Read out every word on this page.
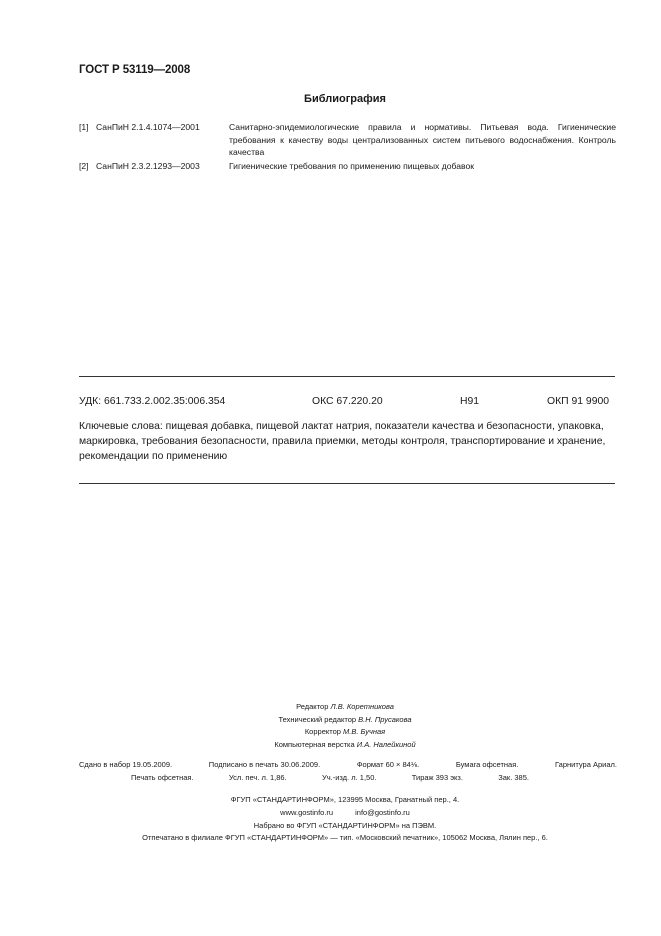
ГОСТ Р 53119—2008
Библиография
[1] СанПиН 2.1.4.1074—2001	Санитарно-эпидемиологические правила и нормативы. Питьевая вода. Гигиенические требования к качеству воды централизованных систем питьевого водоснабжения. Контроль качества
[2] СанПиН 2.3.2.1293—2003	Гигиенические требования по применению пищевых добавок
УДК: 661.733.2.002.35:006.354	ОКС 67.220.20	Н91	ОКП 91 9900
Ключевые слова: пищевая добавка, пищевой лактат натрия, показатели качества и безопасности, упаковка, маркировка, требования безопасности, правила приемки, методы контроля, транспортирование и хранение, рекомендации по применению
Редактор Л.В. Коретникова
Технический редактор В.Н. Прусакова
Корректор М.В. Бучная
Компьютерная верстка И.А. Налейкиной
Сдано в набор 19.05.2009.	Подписано в печать 30.06.2009.	Формат 60 × 84⅛.	Бумага офсетная.	Гарнитура Ариал.
Печать офсетная.	Усл. печ. л. 1,86.	Уч.-изд. л. 1,50.	Тираж 393 экз.	Зак. 385.
ФГУП «СТАНДАРТИНФОРМ», 123995 Москва, Гранатный пер., 4.
www.gostinfo.ru	info@gostinfo.ru
Набрано во ФГУП «СТАНДАРТИНФОРМ» на ПЭВМ.
Отпечатано в филиале ФГУП «СТАНДАРТИНФОРМ» — тип. «Московский печатник», 105062 Москва, Лялин пер., 6.
